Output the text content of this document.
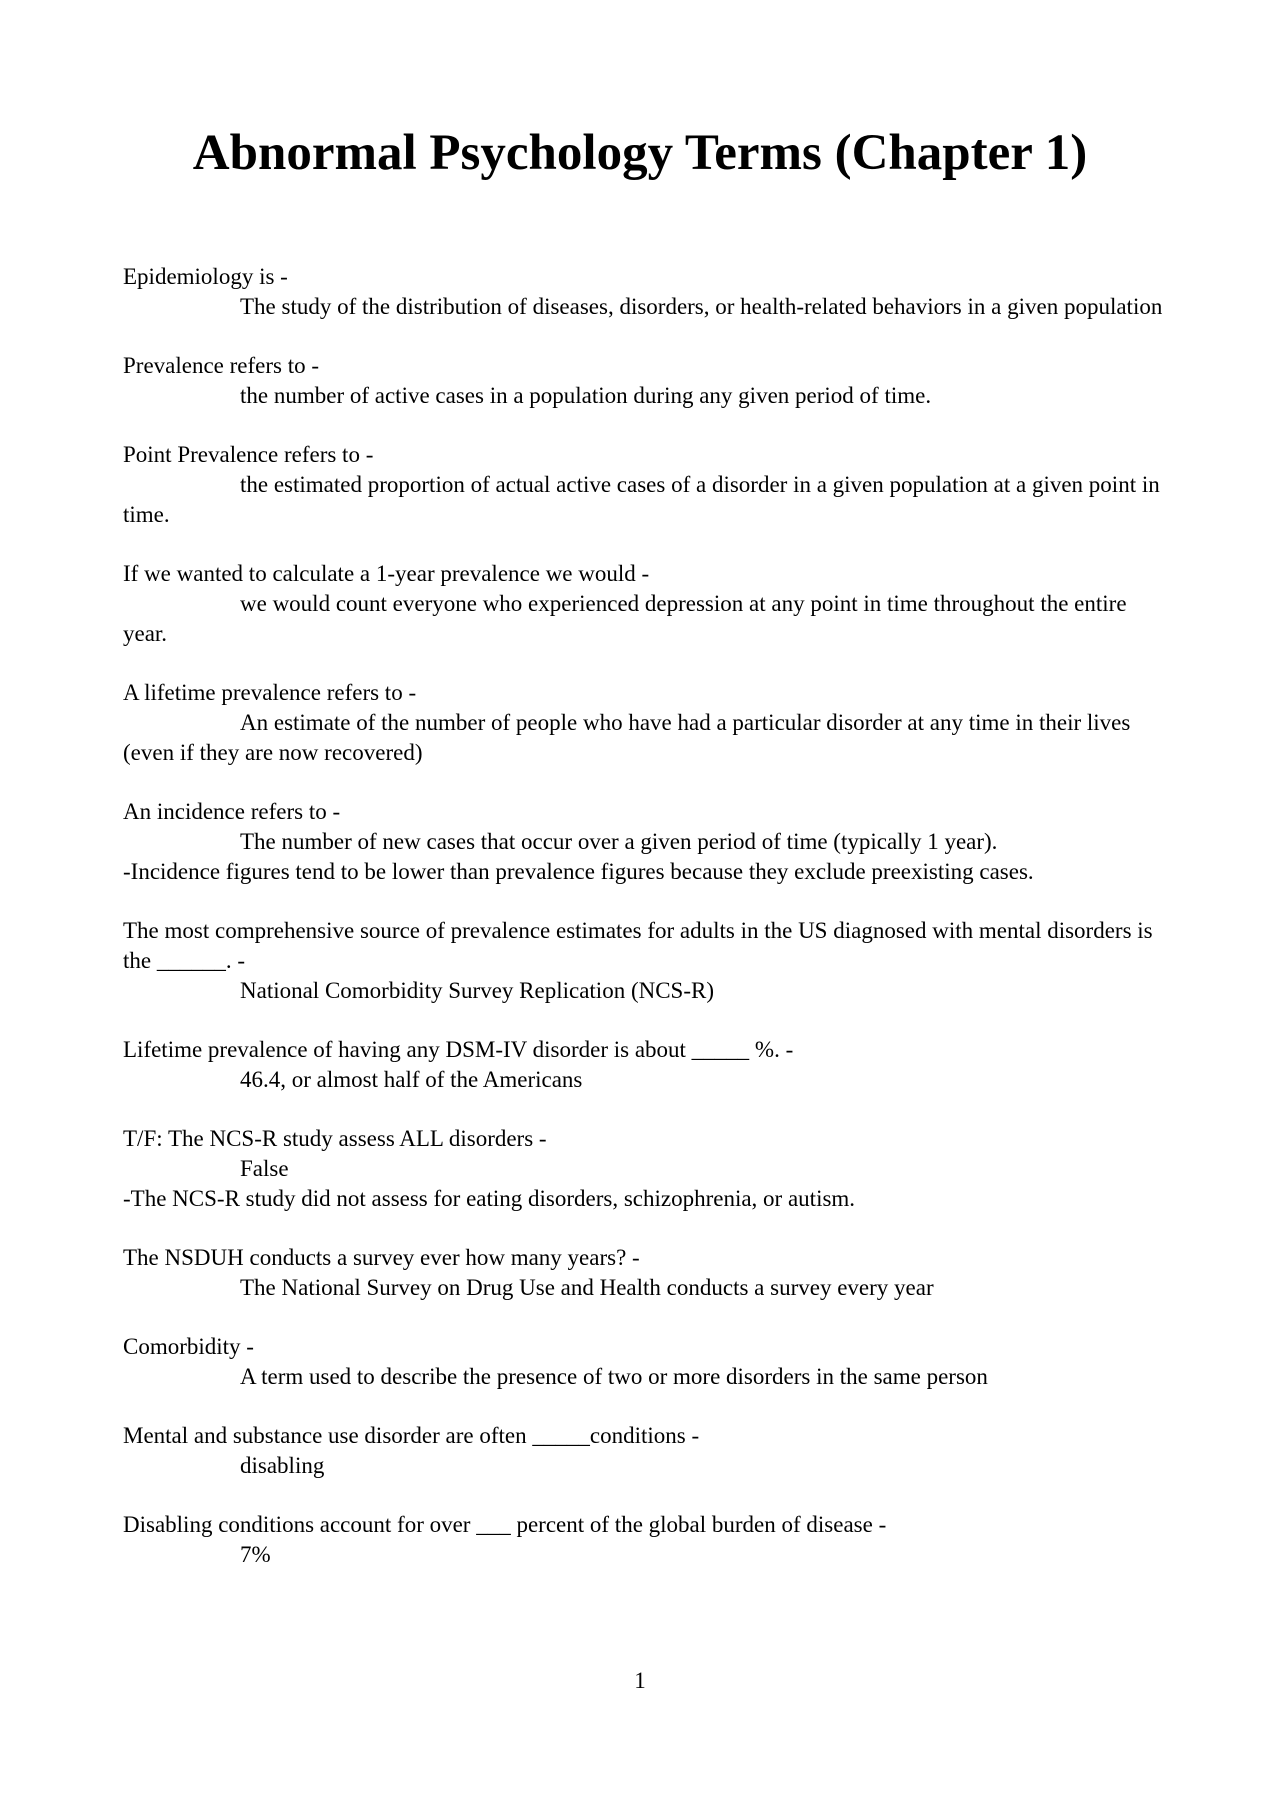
Abnormal Psychology Terms (Chapter 1)
Epidemiology is -
The study of the distribution of diseases, disorders, or health-related behaviors in a given population
Prevalence refers to -
the number of active cases in a population during any given period of time.
Point Prevalence refers to -
the estimated proportion of actual active cases of a disorder in a given population at a given point in time.
If we wanted to calculate a 1-year prevalence we would -
we would count everyone who experienced depression at any point in time throughout the entire year.
A lifetime prevalence refers to -
An estimate of the number of people who have had a particular disorder at any time in their lives (even if they are now recovered)
An incidence refers to -
The number of new cases that occur over a given period of time (typically 1 year).
-Incidence figures tend to be lower than prevalence figures because they exclude preexisting cases.
The most comprehensive source of prevalence estimates for adults in the US diagnosed with mental disorders is the ______. -
National Comorbidity Survey Replication (NCS-R)
Lifetime prevalence of having any DSM-IV disorder is about _____ %. -
46.4, or almost half of the Americans
T/F: The NCS-R study assess ALL disorders -
False
-The NCS-R study did not assess for eating disorders, schizophrenia, or autism.
The NSDUH conducts a survey ever how many years? -
The National Survey on Drug Use and Health conducts a survey every year
Comorbidity -
A term used to describe the presence of two or more disorders in the same person
Mental and substance use disorder are often _____conditions -
disabling
Disabling conditions account for over ___ percent of the global burden of disease -
7%
1
